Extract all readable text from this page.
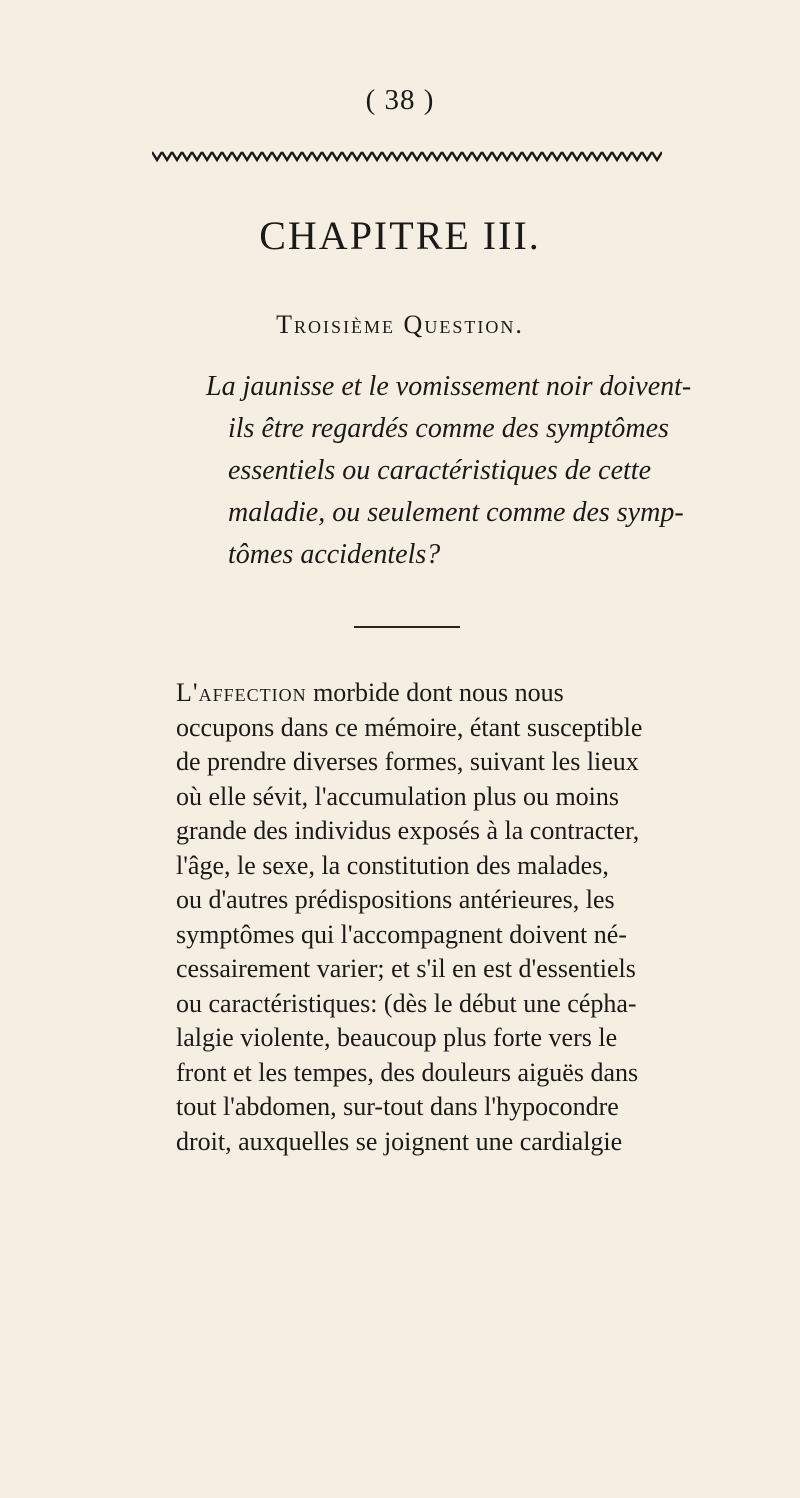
( 38 )
CHAPITRE III.
Troisième Question.
La jaunisse et le vomissement noir doivent-
ils être regardés comme des symptômes
essentiels ou caractéristiques de cette
maladie, ou seulement comme des symp-
tômes accidentels?
L'affection morbide dont nous nous
occupons dans ce mémoire, étant susceptible
de prendre diverses formes, suivant les lieux
où elle sévit, l'accumulation plus ou moins
grande des individus exposés à la contracter,
l'âge, le sexe, la constitution des malades,
ou d'autres prédispositions antérieures, les
symptômes qui l'accompagnent doivent né-
cessairement varier; et s'il en est d'essentiels
ou caractéristiques: (dès le début une cépha-
lalgie violente, beaucoup plus forte vers le
front et les tempes, des douleurs aiguës dans
tout l'abdomen, sur-tout dans l'hypocondre
droit, auxquelles se joignent une cardialgie
